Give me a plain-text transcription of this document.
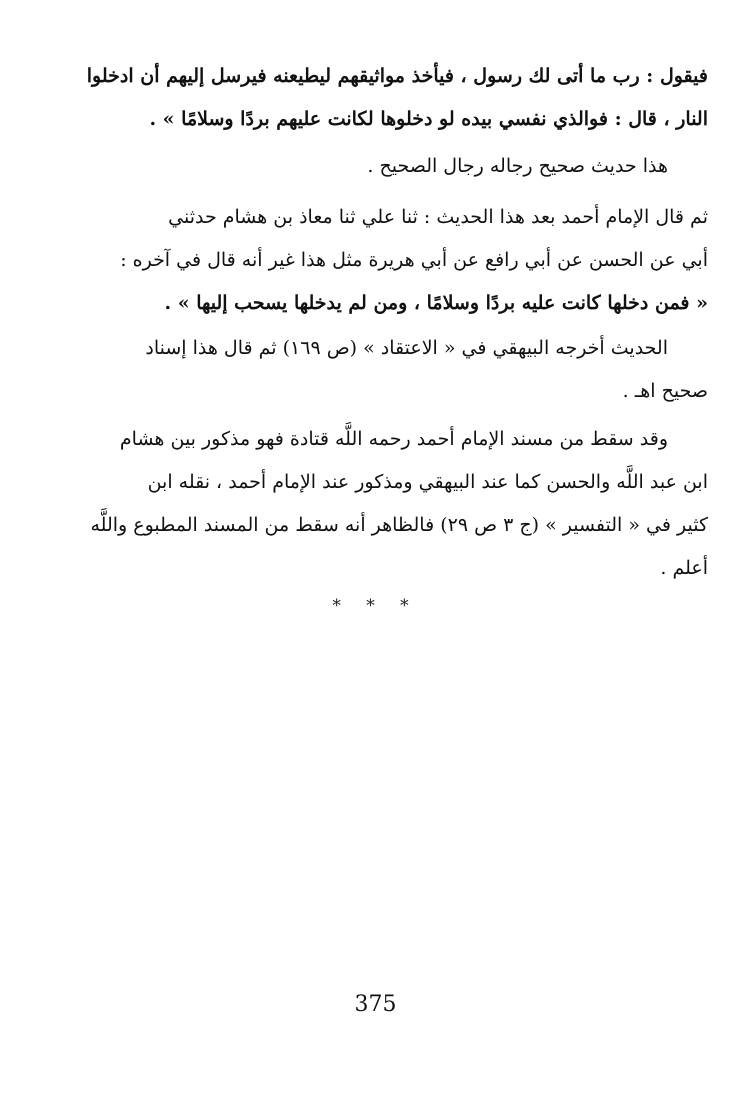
فيقول : رب ما أتى لك رسول ، فيأخذ مواثيقهم ليطيعنه فيرسل إليهم أن ادخلوا
النار ، قال : فوالذي نفسي بيده لو دخلوها لكانت عليهم بردًا وسلامًا » .
هذا حديث صحيح رجاله رجال الصحيح .
ثم قال الإمام أحمد بعد هذا الحديث : ثنا علي ثنا معاذ بن هشام حدثني
أبي عن الحسن عن أبي رافع عن أبي هريرة مثل هذا غير أنه قال في آخره :
« فمن دخلها كانت عليه بردًا وسلامًا ، ومن لم يدخلها يسحب إليها » .
الحديث أخرجه البيهقي في « الاعتقاد » (ص ١٦٩) ثم قال هذا إسناد
صحيح اهـ .
وقد سقط من مسند الإمام أحمد رحمه اللَّه قتادة فهو مذكور بين هشام
ابن عبد اللَّه والحسن كما عند البيهقي ومذكور عند الإمام أحمد ، نقله ابن
كثير في « التفسير » (ج ٣ ص ٢٩) فالظاهر أنه سقط من المسند المطبوع واللَّه
أعلم .
* * *
375
